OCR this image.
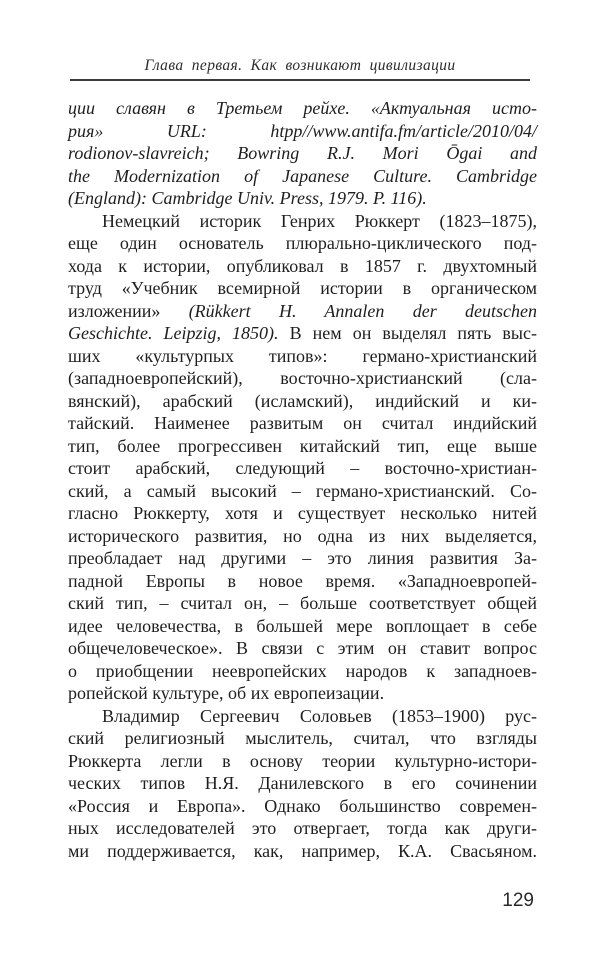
Глава первая. Как возникают цивилизации
ции славян в Третьем рейхе. «Актуальная исто-
рия» URL: htpp//www.antifa.fm/article/2010/04/
rodionov-slavreich; Bowring R.J. Mori Ōgai and
the Modernization of Japanese Culture. Cambridge
(England): Cambridge Univ. Press, 1979. P. 116).
Немецкий историк Генрих Рюккерт (1823–1875),
еще один основатель плюрально-циклического под-
хода к истории, опубликовал в 1857 г. двухтомный
труд «Учебник всемирной истории в органическом
изложении» (Rükkert H. Annalen der deutschen
Geschichte. Leipzig, 1850). В нем он выделял пять выс-
ших «культурпых типов»: германо-христианский
(западноевропейский), восточно-христианский (сла-
вянский), арабский (исламский), индийский и ки-
тайский. Наименее развитым он считал индийский
тип, более прогрессивен китайский тип, еще выше
стоит арабский, следующий – восточно-христиан-
ский, а самый высокий – германо-христианский. Со-
гласно Рюккерту, хотя и существует несколько нитей
исторического развития, но одна из них выделяется,
преобладает над другими – это линия развития За-
падной Европы в новое время. «Западноевропей-
ский тип, – считал он, – больше соответствует общей
идее человечества, в большей мере воплощает в себе
общечеловеческое». В связи с этим он ставит вопрос
о приобщении неевропейских народов к западноев-
ропейской культуре, об их европеизации.
Владимир Сергеевич Соловьев (1853–1900) рус-
ский религиозный мыслитель, считал, что взгляды
Рюккерта легли в основу теории культурно-истори-
ческих типов Н.Я. Данилевского в его сочинении
«Россия и Европа». Однако большинство современ-
ных исследователей это отвергает, тогда как други-
ми поддерживается, как, например, К.А. Свасьяном.
129
